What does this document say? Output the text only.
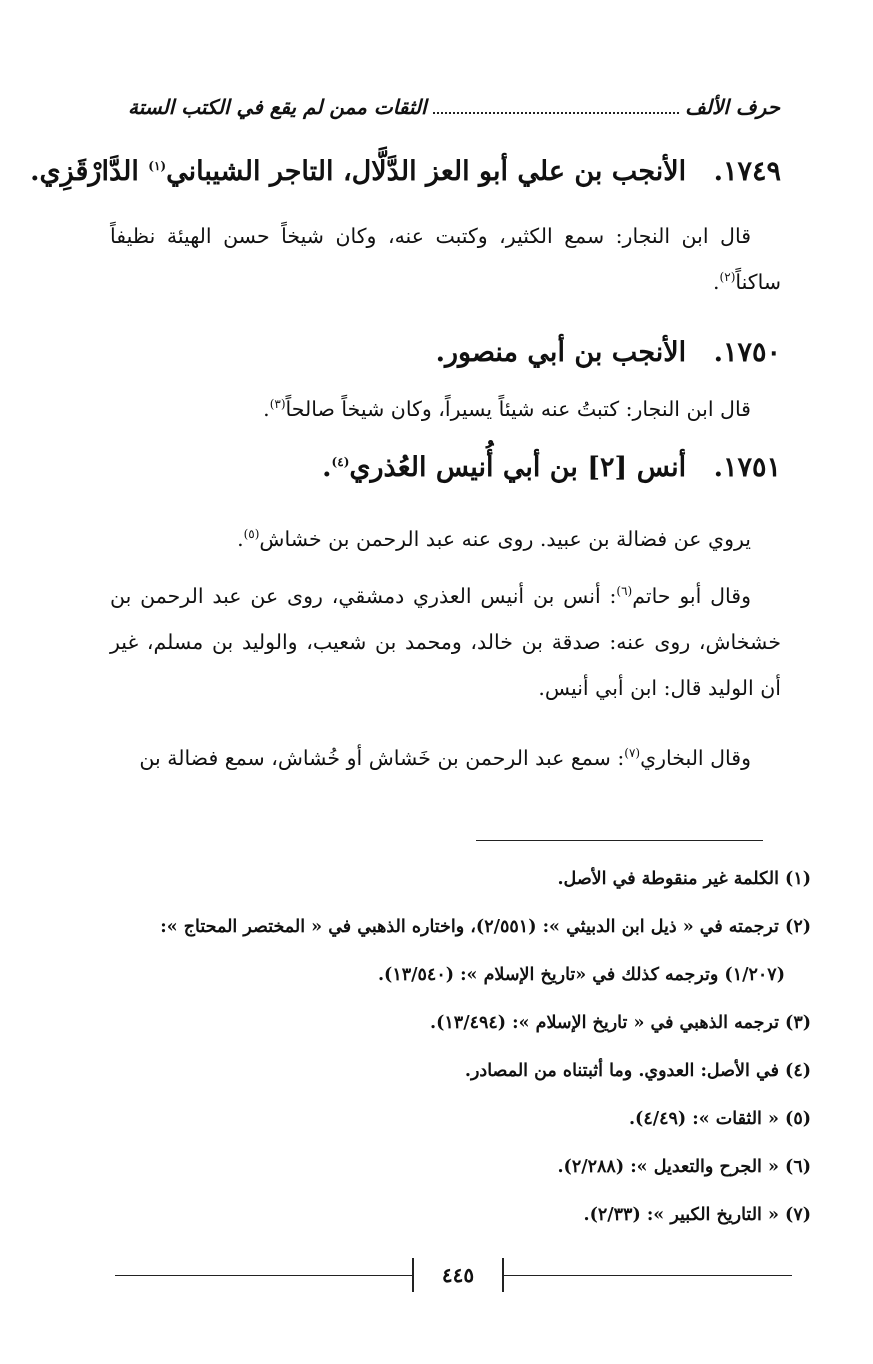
حرف الألف
الثقات ممن لم يقع في الكتب الستة
١٧٤٩. الأنجب بن علي أبو العز الدَّلَّال، التاجر الشيباني$^{(١)}$ الدَّارْقَزِي.
قال ابن النجار: سمع الكثير، وكتبت عنه، وكان شيخاً حسن الهيئة نظيفاً ساكناً$^{(٢)}$.
١٧٥٠. الأنجب بن أبي منصور.
قال ابن النجار: كتبتُ عنه شيئاً يسيراً، وكان شيخاً صالحاً$^{(٣)}$.
١٧٥١. أنس [٢] بن أبي أُنيس العُذري$^{(٤)}$.
يروي عن فضالة بن عبيد. روى عنه عبد الرحمن بن خشاش$^{(٥)}$.
وقال أبو حاتم$^{(٦)}$: أنس بن أنيس العذري دمشقي، روى عن عبد الرحمن بن خشخاش، روى عنه: صدقة بن خالد، ومحمد بن شعيب، والوليد بن مسلم، غير أن الوليد قال: ابن أبي أنيس.
وقال البخاري$^{(٧)}$: سمع عبد الرحمن بن خَشاش أو خُشاش، سمع فضالة بن
(١) الكلمة غير منقوطة في الأصل.
(٢) ترجمته في « ذيل ابن الدبيثي »: (٢/٥٥١)، واختاره الذهبي في « المختصر المحتاج »:
(١/٢٠٧) وترجمه كذلك في «تاريخ الإسلام »: (١٣/٥٤٠).
(٣) ترجمه الذهبي في « تاريخ الإسلام »: (١٣/٤٩٤).
(٤) في الأصل: العدوي. وما أثبتناه من المصادر.
(٥) « الثقات »: (٤/٤٩).
(٦) « الجرح والتعديل »: (٢/٢٨٨).
(٧) « التاريخ الكبير »: (٢/٣٣).
٤٤٥
